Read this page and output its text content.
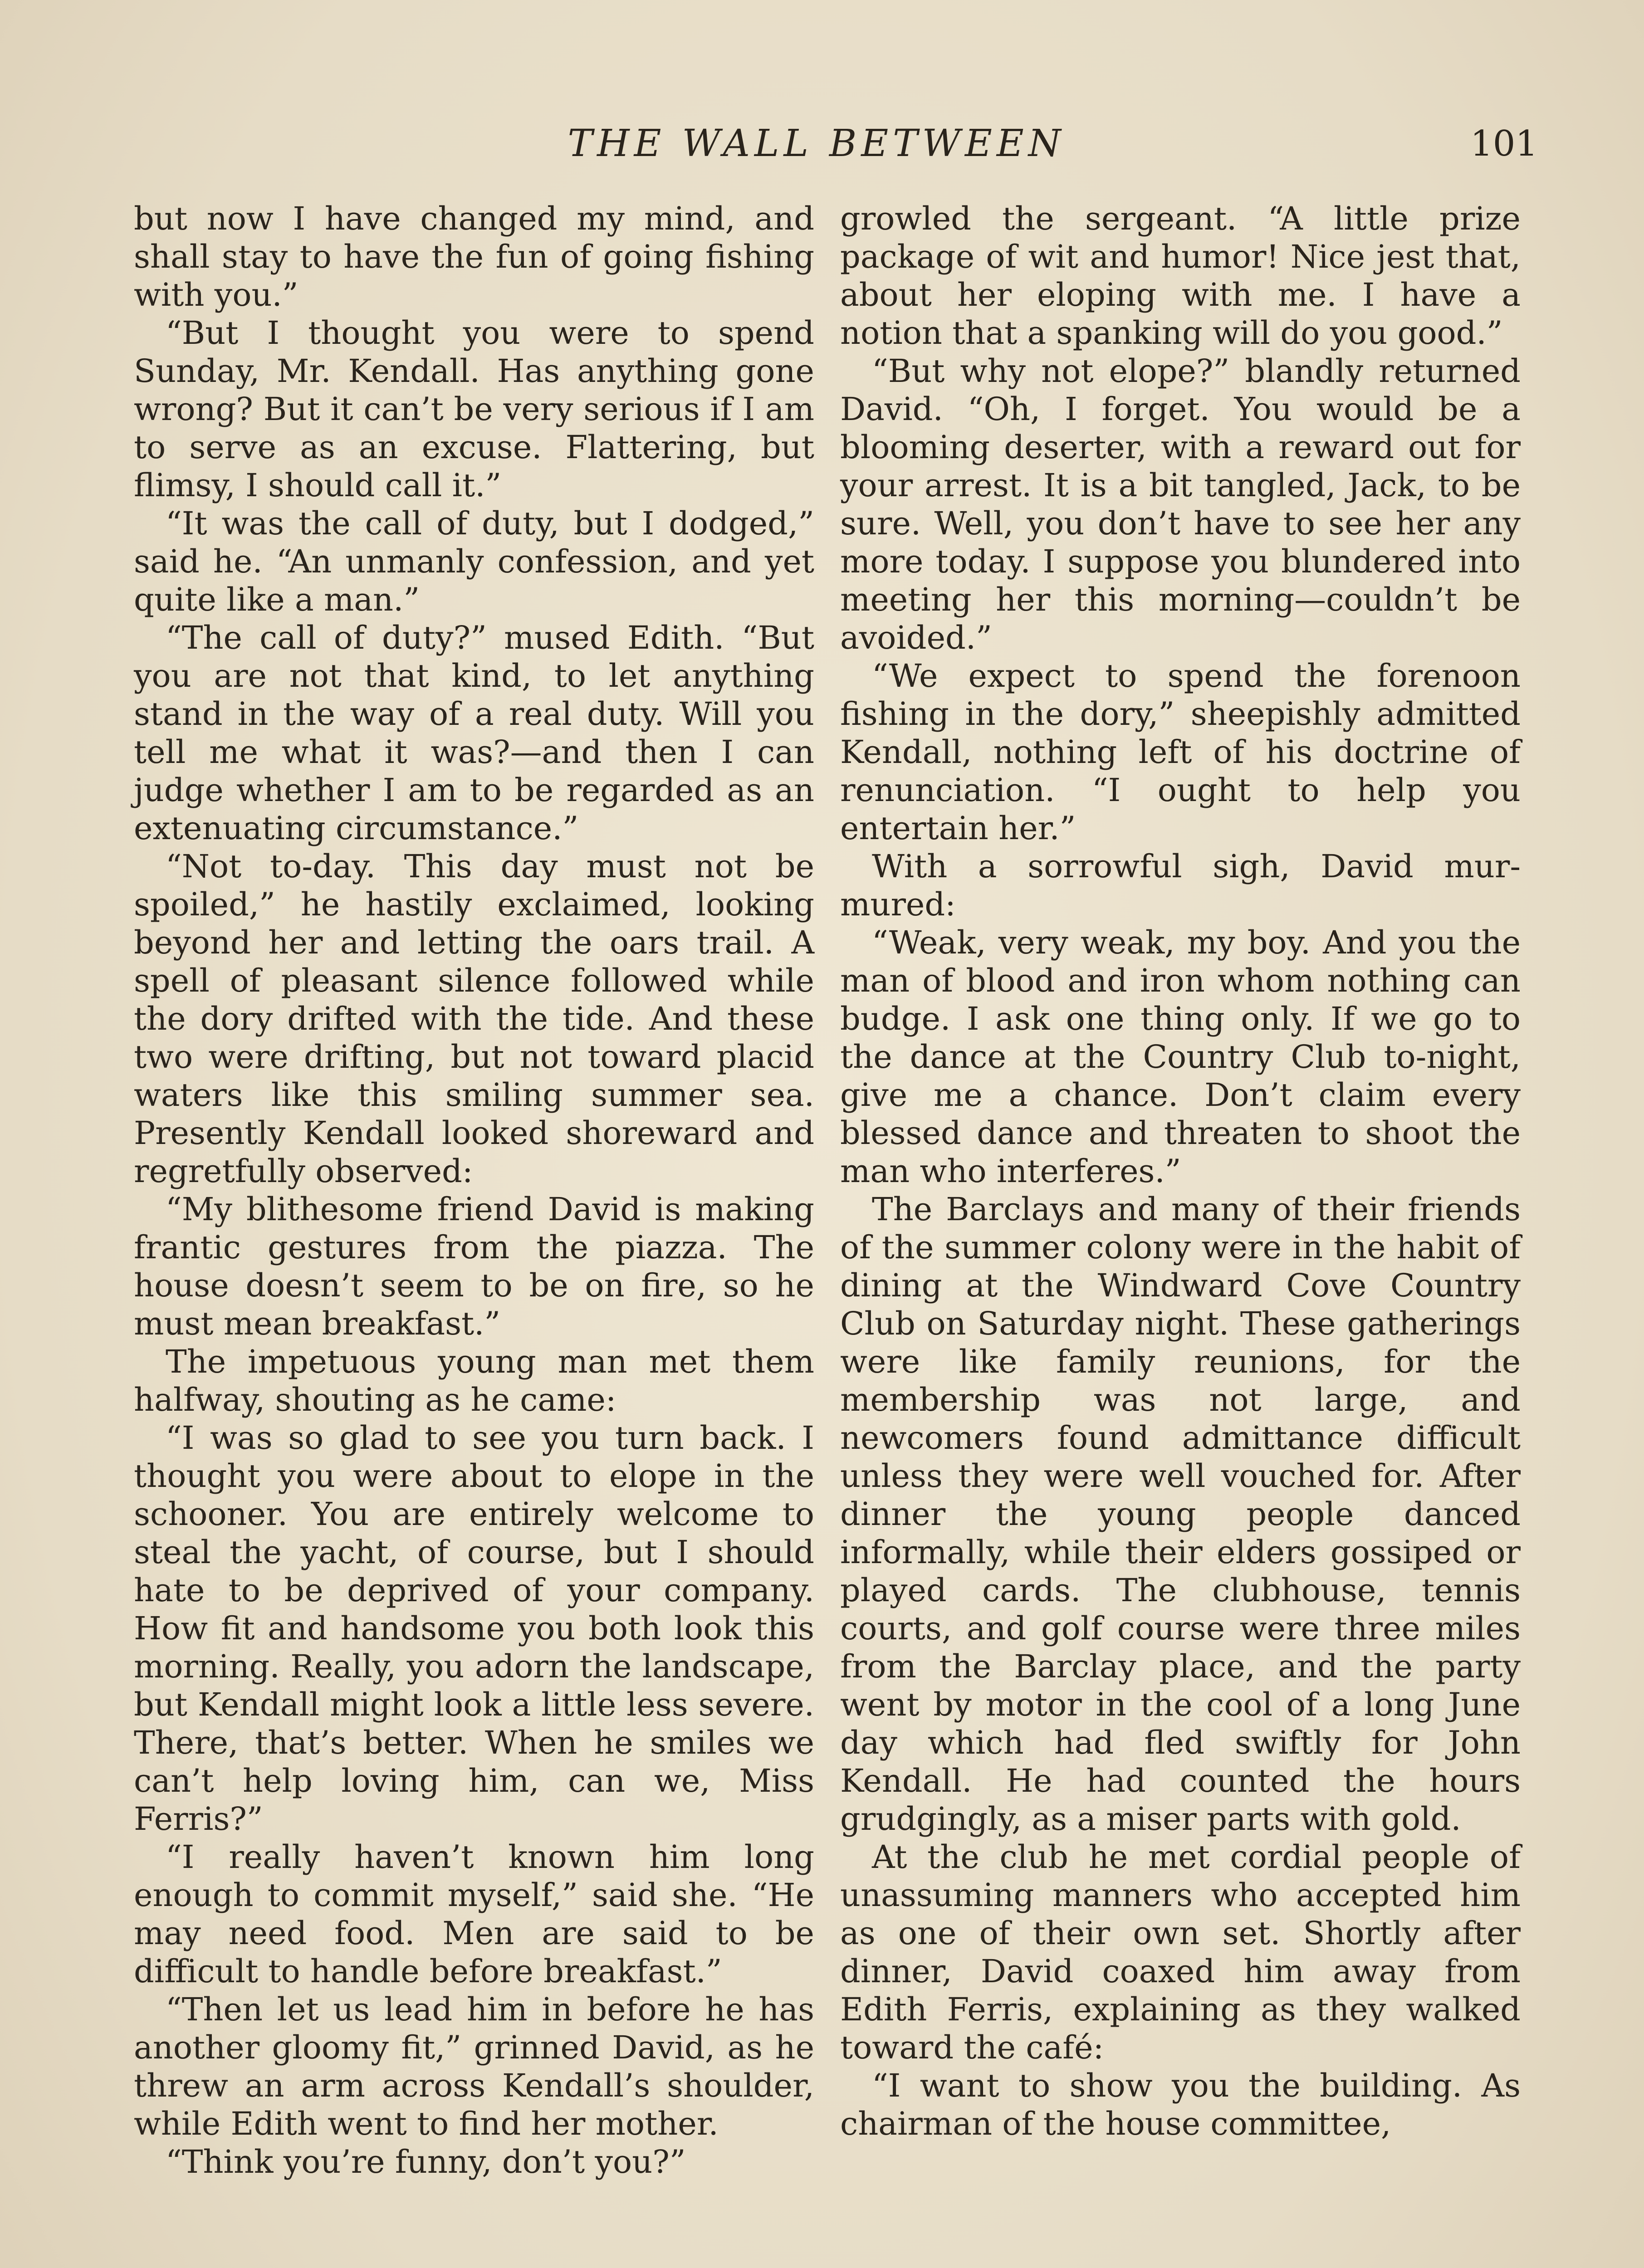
THE WALL BETWEEN	101

but now I have changed my mind, and shall stay to have the fun of going fishing with you.”

“But I thought you were to spend Sunday, Mr. Kendall. Has anything gone wrong? But it can’t be very serious if I am to serve as an excuse. Flattering, but flimsy, I should call it.”

“It was the call of duty, but I dodged,” said he. “An unmanly confession, and yet quite like a man.”

“The call of duty?” mused Edith. “But you are not that kind, to let anything stand in the way of a real duty. Will you tell me what it was?—and then I can judge whether I am to be regarded as an extenuating circumstance.”

“Not to-day. This day must not be spoiled,” he hastily exclaimed, looking beyond her and letting the oars trail. A spell of pleasant silence followed while the dory drifted with the tide. And these two were drifting, but not toward placid waters like this smiling summer sea. Presently Kendall looked shoreward and regretfully observed:

“My blithesome friend David is making frantic gestures from the piazza. The house doesn’t seem to be on fire, so he must mean breakfast.”

The impetuous young man met them halfway, shouting as he came:

“I was so glad to see you turn back. I thought you were about to elope in the schooner. You are entirely welcome to steal the yacht, of course, but I should hate to be deprived of your company. How fit and handsome you both look this morning. Really, you adorn the landscape, but Kendall might look a little less severe. There, that’s better. When he smiles we can’t help loving him, can we, Miss Ferris?”

“I really haven’t known him long enough to commit myself,” said she. “He may need food. Men are said to be difficult to handle before breakfast.”

“Then let us lead him in before he has another gloomy fit,” grinned David, as he threw an arm across Kendall’s shoulder, while Edith went to find her mother.

“Think you’re funny, don’t you?”

growled the sergeant. “A little prize package of wit and humor! Nice jest that, about her eloping with me. I have a notion that a spanking will do you good.”

“But why not elope?” blandly returned David. “Oh, I forget. You would be a blooming deserter, with a reward out for your arrest. It is a bit tangled, Jack, to be sure. Well, you don’t have to see her any more today. I suppose you blundered into meeting her this morning—couldn’t be avoided.”

“We expect to spend the forenoon fishing in the dory,” sheepishly admitted Kendall, nothing left of his doctrine of renunciation. “I ought to help you entertain her.”

With a sorrowful sigh, David murmured:

“Weak, very weak, my boy. And you the man of blood and iron whom nothing can budge. I ask one thing only. If we go to the dance at the Country Club to-night, give me a chance. Don’t claim every blessed dance and threaten to shoot the man who interferes.”

The Barclays and many of their friends of the summer colony were in the habit of dining at the Windward Cove Country Club on Saturday night. These gatherings were like family reunions, for the membership was not large, and newcomers found admittance difficult unless they were well vouched for. After dinner the young people danced informally, while their elders gossiped or played cards. The clubhouse, tennis courts, and golf course were three miles from the Barclay place, and the party went by motor in the cool of a long June day which had fled swiftly for John Kendall. He had counted the hours grudgingly, as a miser parts with gold.

At the club he met cordial people of unassuming manners who accepted him as one of their own set. Shortly after dinner, David coaxed him away from Edith Ferris, explaining as they walked toward the café:

“I want to show you the building. As chairman of the house committee,
